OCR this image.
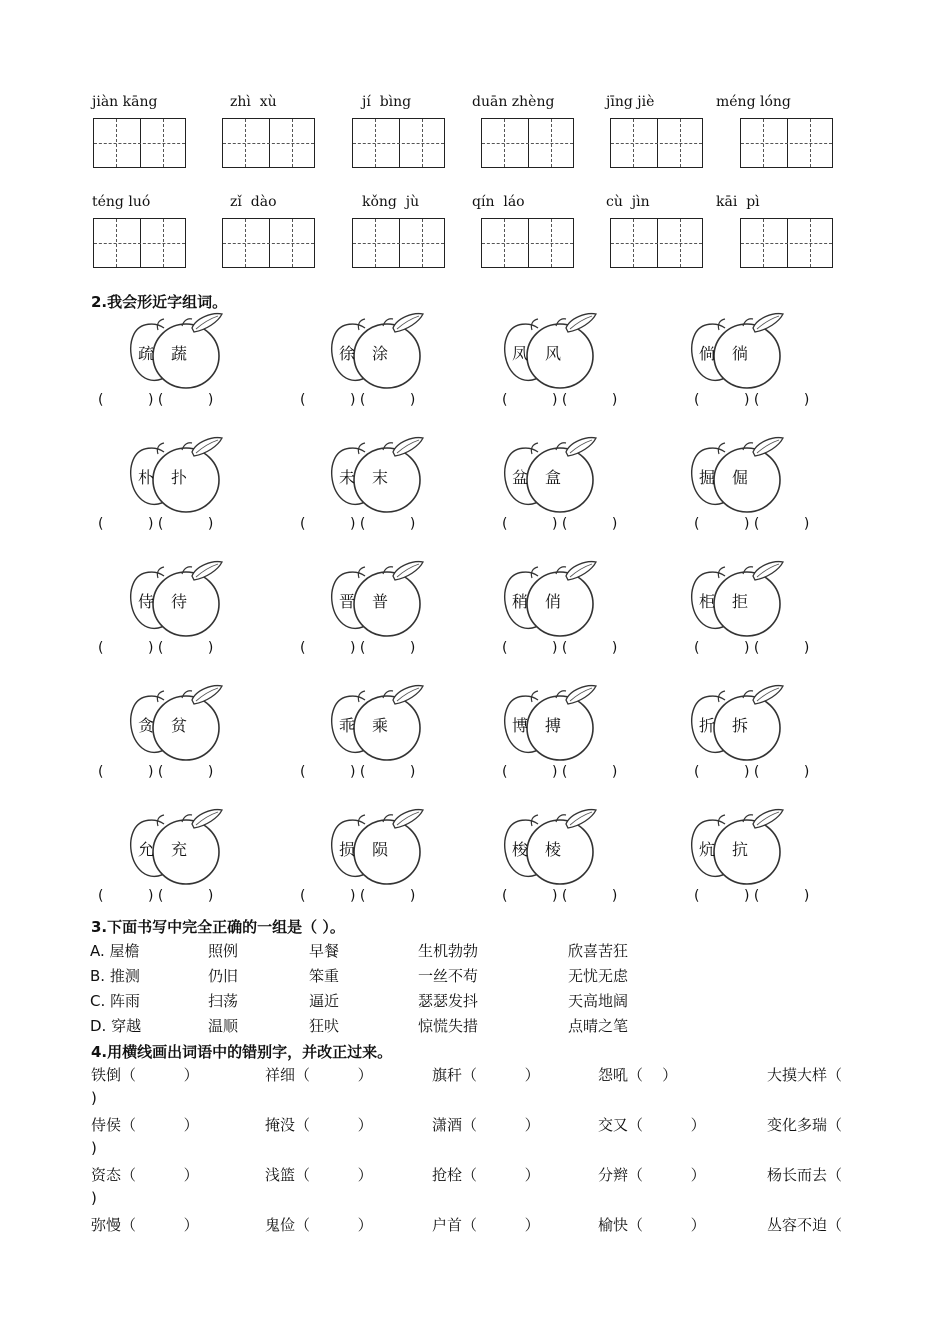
jiàn kāng	zhì  xù	jí  bìng	duān zhèng	jīng jiè	méng lóng
téng luó	zǐ  dào	kǒng  jù	qín  láo	cù  jìn	kāi  pì
2.我会形近字组词。
疏 蔬
(          ) (          )
徐 涂
(          ) (          )
凤 风
(          ) (          )
倘 徜
(          ) (          )
朴 扑
(          ) (          )
未 末
(          ) (          )
盆 盒
(          ) (          )
掘 倔
(          ) (          )
侍 待
(          ) (          )
晋 普
(          ) (          )
稍 俏
(          ) (          )
柜 拒
(          ) (          )
贪 贫
(          ) (          )
乖 乘
(          ) (          )
博 搏
(          ) (          )
折 拆
(          ) (          )
允 充
(          ) (          )
损 陨
(          ) (          )
梭 棱
(          ) (          )
炕 抗
(          ) (          )
3.下面书写中完全正确的一组是（ ）。
A. 屋檐	照例	早餐	生机勃勃	欣喜苦狂
B. 推测	仍旧	笨重	一丝不苟	无忧无虑
C. 阵雨	扫荡	逼近	瑟瑟发抖	天高地阔
D. 穿越	温顺	狂吠	惊慌失措	点晴之笔
4.用横线画出词语中的错别字，并改正过来。
铁倒（          ）	祥细（          ）	旗秆（          ）	怨吼（    ）	大摸大样（
)
侍侯（          ）	掩没（          ）	潇酒（          ）	交又（          ）	变化多瑞（
)
资态（          ）	浅篮（          ）	抢栓（          ）	分辫（          ）	杨长而去（
)
弥慢（          ）	鬼俭（          ）	户首（          ）	榆快（          ）	丛容不迫（
